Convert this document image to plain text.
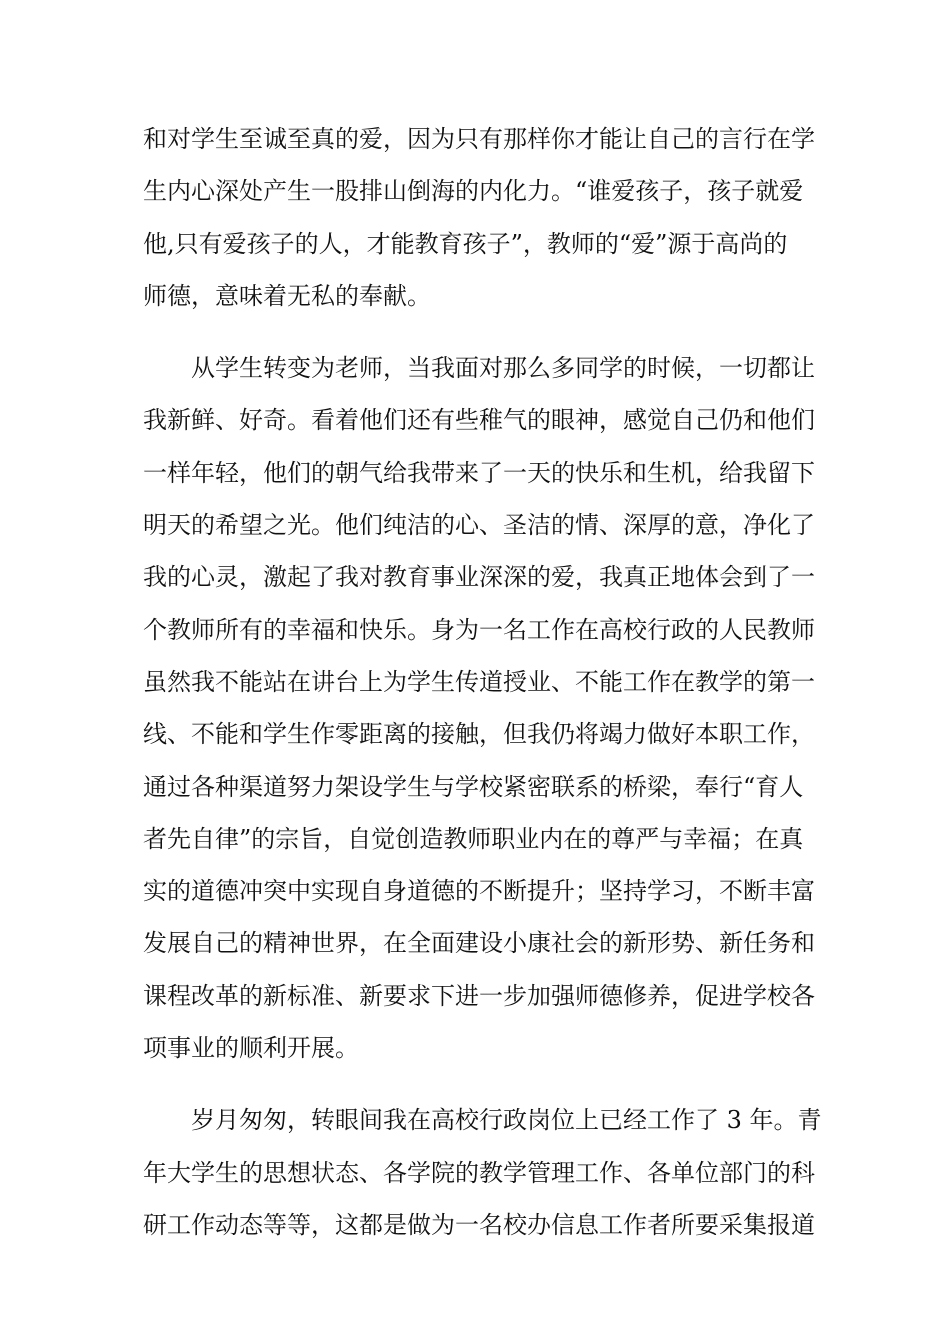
和对学生至诚至真的爱，因为只有那样你才能让自己的言行在学
生内心深处产生一股排山倒海的内化力。“谁爱孩子，孩子就爱
他,只有爱孩子的人，才能教育孩子”，教师的“爱”源于高尚的
师德，意味着无私的奉献。

从学生转变为老师，当我面对那么多同学的时候，一切都让
我新鲜、好奇。看着他们还有些稚气的眼神，感觉自己仍和他们
一样年轻，他们的朝气给我带来了一天的快乐和生机，给我留下
明天的希望之光。他们纯洁的心、圣洁的情、深厚的意，净化了
我的心灵，激起了我对教育事业深深的爱，我真正地体会到了一
个教师所有的幸福和快乐。身为一名工作在高校行政的人民教师
虽然我不能站在讲台上为学生传道授业、不能工作在教学的第一
线、不能和学生作零距离的接触，但我仍将竭力做好本职工作，
通过各种渠道努力架设学生与学校紧密联系的桥梁，奉行“育人
者先自律”的宗旨，自觉创造教师职业内在的尊严与幸福；在真
实的道德冲突中实现自身道德的不断提升；坚持学习，不断丰富
发展自己的精神世界，在全面建设小康社会的新形势、新任务和
课程改革的新标准、新要求下进一步加强师德修养，促进学校各
项事业的顺利开展。

岁月匆匆，转眼间我在高校行政岗位上已经工作了 3 年。青
年大学生的思想状态、各学院的教学管理工作、各单位部门的科
研工作动态等等，这都是做为一名校办信息工作者所要采集报道
